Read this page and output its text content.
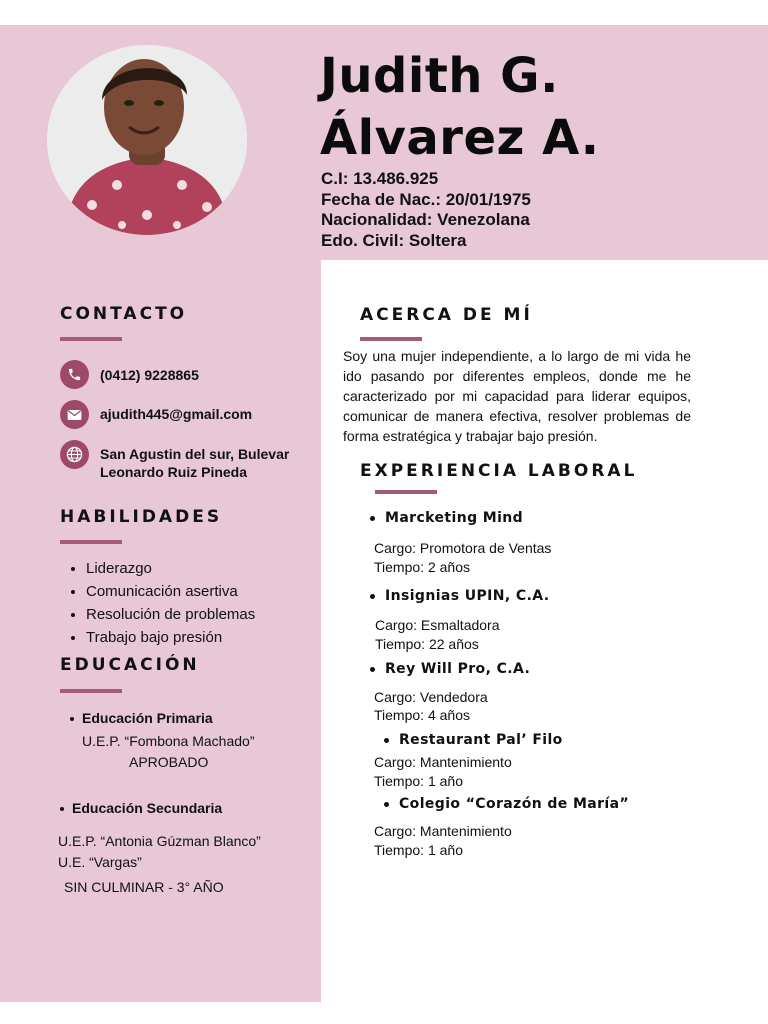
Judith G.
Álvarez A.
C.I: 13.486.925
Fecha de Nac.: 20/01/1975
Nacionalidad: Venezolana
Edo. Civil: Soltera
CONTACTO
(0412) 9228865
ajudith445@gmail.com
San Agustin del sur, Bulevar
Leonardo Ruiz Pineda
HABILIDADES
• Liderazgo
• Comunicación asertiva
• Resolución de problemas
• Trabajo bajo presión
EDUCACIÓN
Educación Primaria
U.E.P. “Fombona Machado”
APROBADO
Educación Secundaria
U.E.P. “Antonia Gúzman Blanco”
U.E. “Vargas”
SIN CULMINAR - 3° AÑO
ACERCA DE MÍ
Soy una mujer independiente, a lo largo de mi vida he ido pasando por diferentes empleos, donde me he caracterizado por mi capacidad para liderar equipos, comunicar de manera efectiva, resolver problemas de forma estratégica y trabajar bajo presión.
EXPERIENCIA LABORAL
Marcketing Mind
Cargo: Promotora de Ventas
Tiempo: 2 años
Insignias UPIN, C.A.
Cargo: Esmaltadora
Tiempo: 22 años
Rey Will Pro, C.A.
Cargo: Vendedora
Tiempo: 4 años
Restaurant Pal’ Filo
Cargo: Mantenimiento
Tiempo: 1 año
Colegio “Corazón de María”
Cargo: Mantenimiento
Tiempo: 1 año
